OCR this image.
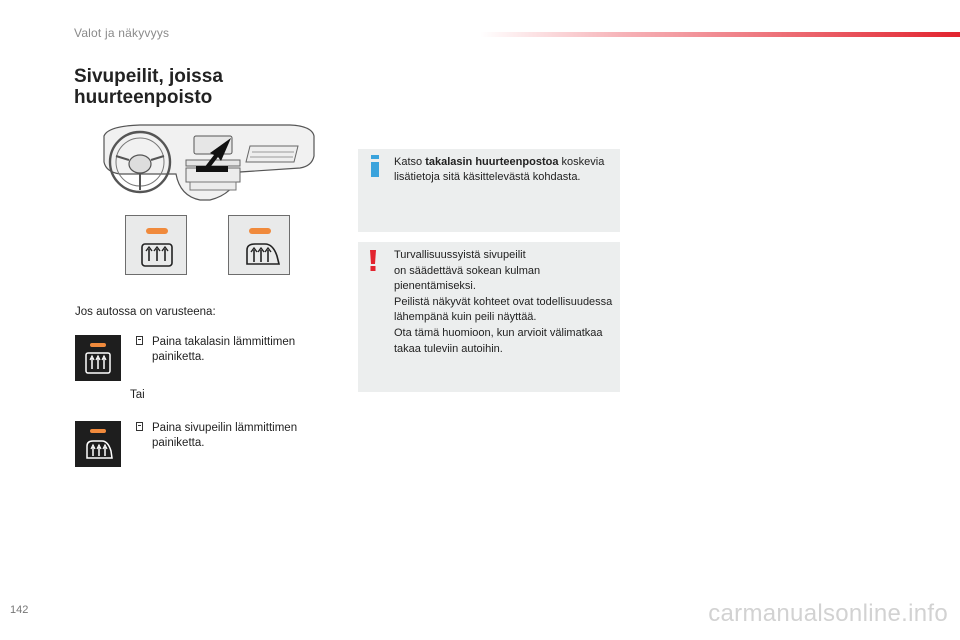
Valot ja näkyvyys
Sivupeilit, joissa
huurteenpoisto
Jos autossa on varusteena:
Paina takalasin lämmittimen painiketta.
Tai
Paina sivupeilin lämmittimen painiketta.
Katso takalasin huurteenpostoa koskevia lisätietoja sitä käsittelevästä kohdasta.
Turvallisuussyistä sivupeilit
on säädettävä sokean kulman pienentämiseksi.
Peilistä näkyvät kohteet ovat todellisuudessa lähempänä kuin peili näyttää.
Ota tämä huomioon, kun arvioit välimatkaa takaa tuleviin autoihin.
142	carmanualsonline.info
